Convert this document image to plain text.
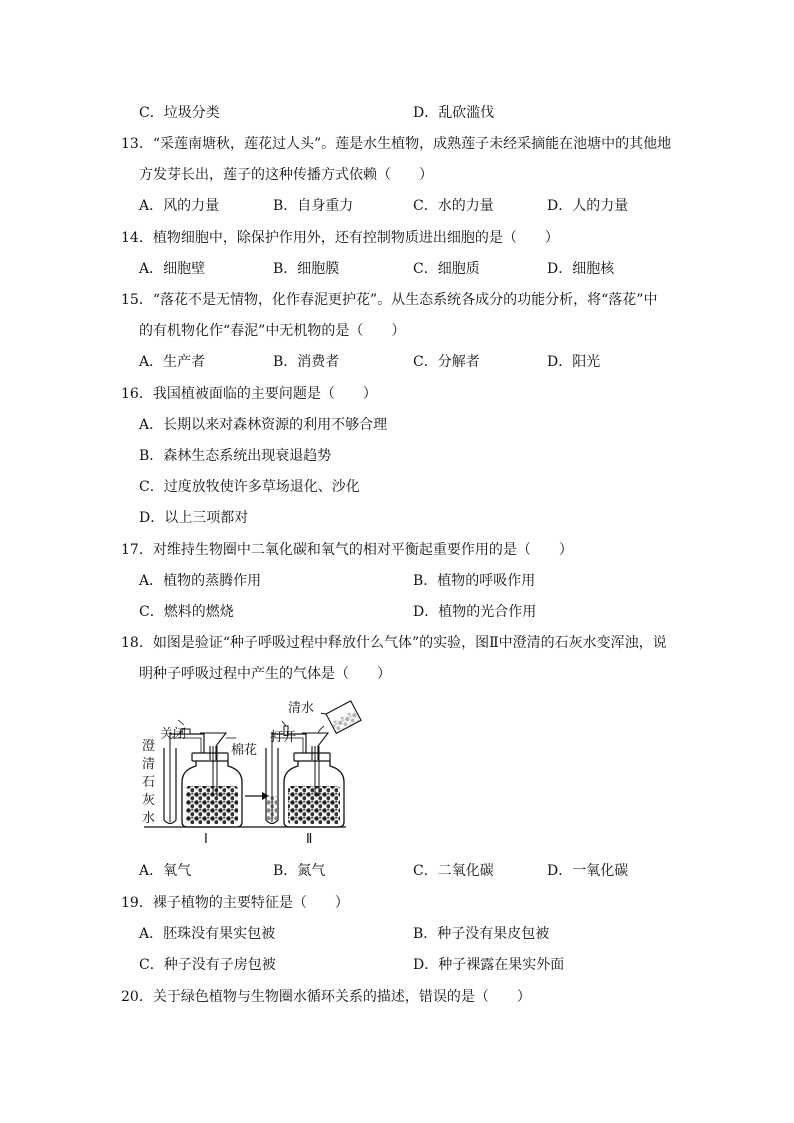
C．垃圾分类	D．乱砍滥伐
13．“采莲南塘秋，莲花过人头”。莲是水生植物，成熟莲子未经采摘能在池塘中的其他地
方发芽长出，莲子的这种传播方式依赖（　　）
A．风的力量	B．自身重力	C．水的力量	D．人的力量
14．植物细胞中，除保护作用外，还有控制物质进出细胞的是（　　）
A．细胞壁	B．细胞膜	C．细胞质	D．细胞核
15．“落花不是无情物，化作春泥更护花”。从生态系统各成分的功能分析，将“落花”中
的有机物化作“春泥”中无机物的是（　　）
A．生产者	B．消费者	C．分解者	D．阳光
16．我国植被面临的主要问题是（　　）
A．长期以来对森林资源的利用不够合理
B．森林生态系统出现衰退趋势
C．过度放牧使许多草场退化、沙化
D．以上三项都对
17．对维持生物圈中二氧化碳和氧气的相对平衡起重要作用的是（　　）
A．植物的蒸腾作用	B．植物的呼吸作用
C．燃料的燃烧	D．植物的光合作用
18．如图是验证“种子呼吸过程中释放什么气体”的实验，图Ⅱ中澄清的石灰水变浑浊，说
明种子呼吸过程中产生的气体是（　　）
清水
关闭
棉花
打开
澄
清
石
灰
水
Ⅰ	Ⅱ
A．氧气	B．氮气	C．二氧化碳	D．一氧化碳
19．裸子植物的主要特征是（　　）
A．胚珠没有果实包被	B．种子没有果皮包被
C．种子没有子房包被	D．种子裸露在果实外面
20．关于绿色植物与生物圈水循环关系的描述，错误的是（　　）
